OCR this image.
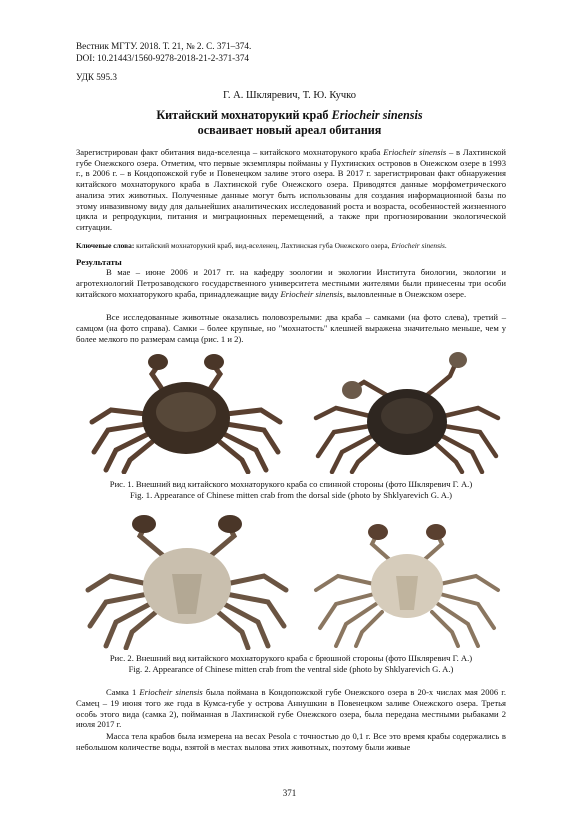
Вестник МГТУ. 2018. Т. 21, № 2. С. 371–374.
DOI: 10.21443/1560-9278-2018-21-2-371-374
УДК 595.3
Г. А. Шкляревич, Т. Ю. Кучко
Китайский мохнаторукий краб Eriocheir sinensis
осваивает новый ареал обитания
Зарегистрирован факт обитания вида-вселенца – китайского мохнаторукого краба Eriocheir sinensis – в Лахтинской губе Онежского озера. Отметим, что первые экземпляры пойманы у Пухтинских островов в Онежском озере в 1993 г., в 2006 г. – в Кондопожской губе и Повенецком заливе этого озера. В 2017 г. зарегистрирован факт обнаружения китайского мохнаторукого краба в Лахтинской губе Онежского озера. Приводятся данные морфометрического анализа этих животных. Полученные данные могут быть использованы для создания информационной базы по этому инвазивному виду для дальнейших аналитических исследований роста и возраста, особенностей жизненного цикла и репродукции, питания и миграционных перемещений, а также при прогнозировании экологической ситуации.
Ключевые слова: китайский мохнаторукий краб, вид-вселенец, Лахтинская губа Онежского озера, Eriocheir sinensis.
Результаты
В мае – июне 2006 и 2017 гг. на кафедру зоологии и экологии Института биологии, экологии и агротехнологий Петрозаводского государственного университета местными жителями были принесены три особи китайского мохнаторукого краба, принадлежащие виду Eriocheir sinensis, выловленные в Онежском озере.
Все исследованные животные оказались половозрелыми: два краба – самками (на фото слева), третий – самцом (на фото справа). Самки – более крупные, но "мохнатость" клешней выражена значительно меньше, чем у более мелкого по размерам самца (рис. 1 и 2).
Рис. 1. Внешний вид китайского мохнаторукого краба со спинной стороны (фото Шкляревич Г. А.)
Fig. 1. Appearance of Chinese mitten crab from the dorsal side (photo by Shklyarevich G. A.)
Рис. 2. Внешний вид китайского мохнаторукого краба с брюшной стороны (фото Шкляревич Г. А.)
Fig. 2. Appearance of Chinese mitten crab from the ventral side (photo by Shklyarevich G. A.)
Самка 1 Eriocheir sinensis была поймана в Кондопожской губе Онежского озера в 20-х числах мая 2006 г. Самец – 19 июня того же года в Кумса-губе у острова Аннушкин в Повенецком заливе Онежского озера. Третья особь этого вида (самка 2), пойманная в Лахтинской губе Онежского озера, была передана местными рыбаками 2 июля 2017 г.
Масса тела крабов была измерена на весах Pesola с точностью до 0,1 г. Все это время крабы содержались в небольшом количестве воды, взятой в местах вылова этих животных, поэтому были живые
371
